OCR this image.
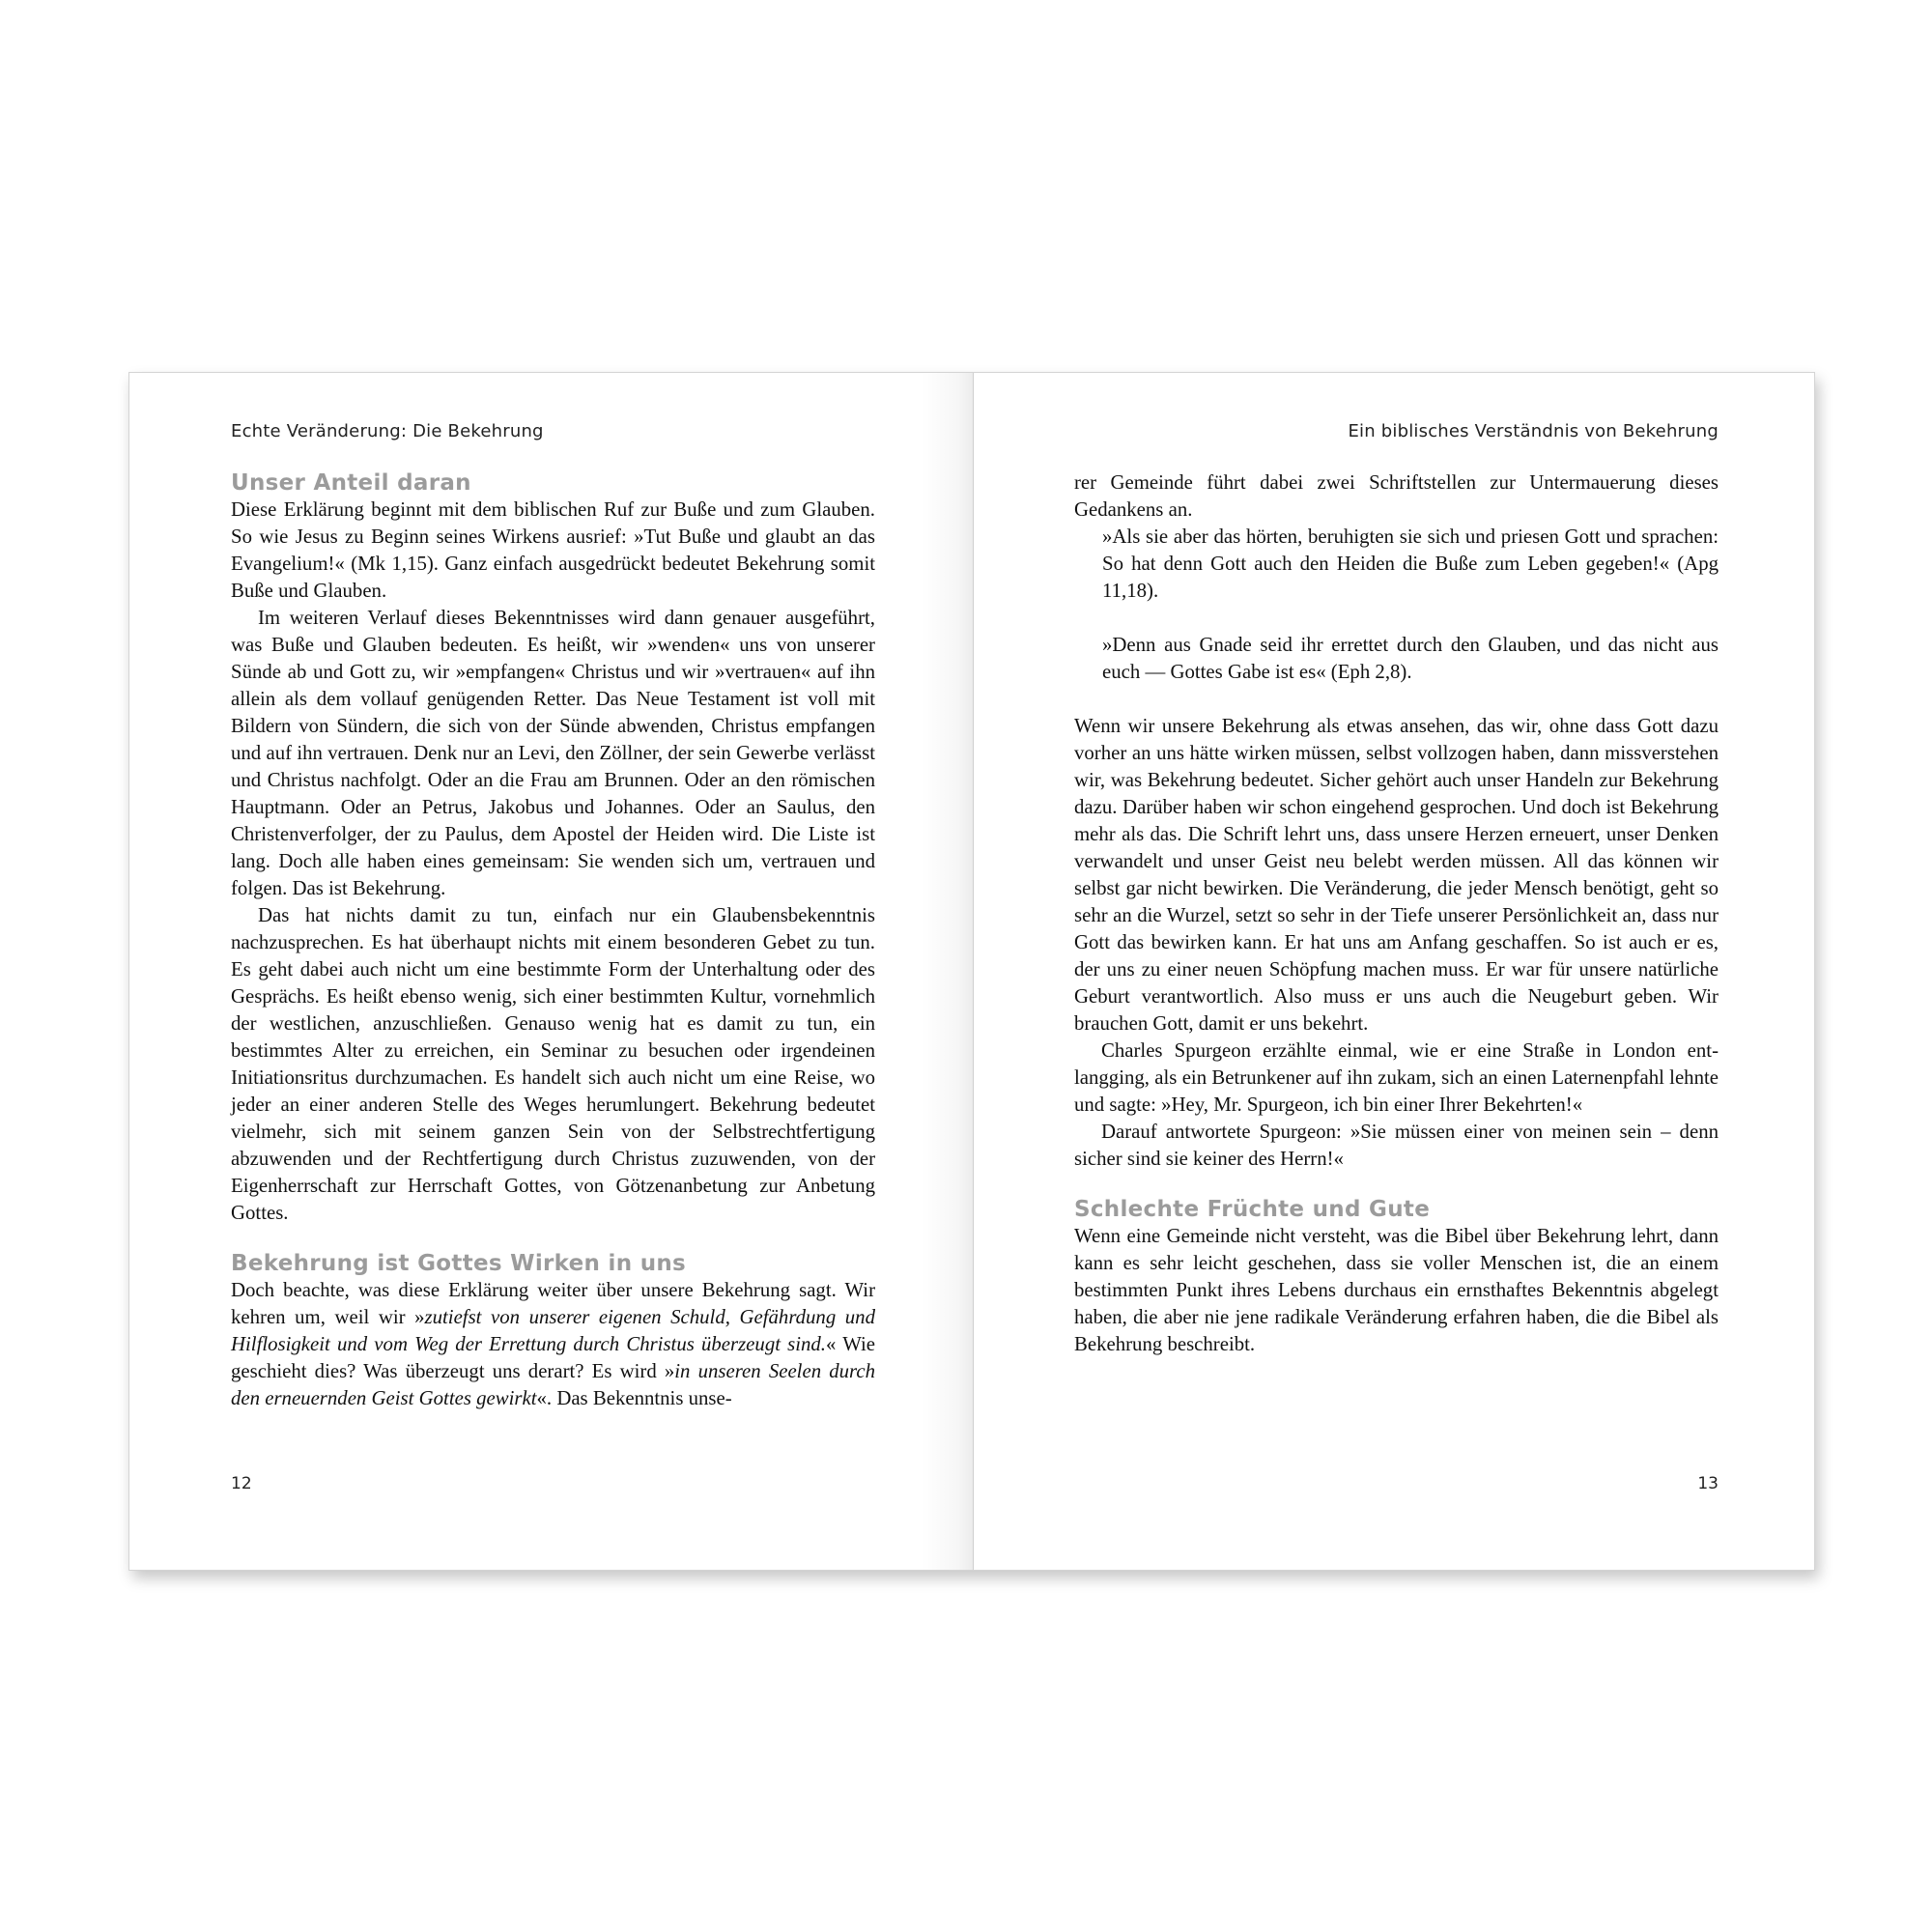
Echte Veränderung: Die Bekehrung
Unser Anteil daran

Diese Erklärung beginnt mit dem biblischen Ruf zur Buße und zum Glauben. So wie Jesus zu Beginn seines Wirkens ausrief: »Tut Buße und glaubt an das Evangelium!« (Mk 1,15). Ganz einfach ausgedrückt bedeutet Bekehrung somit Buße und Glauben.

Im weiteren Verlauf dieses Bekenntnisses wird dann genauer ausgeführt, was Buße und Glauben bedeuten. Es heißt, wir »wenden« uns von unserer Sünde ab und Gott zu, wir »empfangen« Christus und wir »vertrauen« auf ihn allein als dem vollauf genügenden Retter. Das Neue Testament ist voll mit Bildern von Sündern, die sich von der Sünde abwenden, Christus empfangen und auf ihn vertrauen. Denk nur an Levi, den Zöllner, der sein Gewerbe verlässt und Christus nachfolgt. Oder an die Frau am Brunnen. Oder an den römischen Hauptmann. Oder an Petrus, Jakobus und Johannes. Oder an Saulus, den Christenverfolger, der zu Paulus, dem Apostel der Heiden wird. Die Liste ist lang. Doch alle haben eines gemeinsam: Sie wenden sich um, vertrauen und folgen. Das ist Bekehrung.

Das hat nichts damit zu tun, einfach nur ein Glaubensbekenntnis nachzusprechen. Es hat überhaupt nichts mit einem besonderen Gebet zu tun. Es geht dabei auch nicht um eine bestimmte Form der Unterhaltung oder des Gesprächs. Es heißt ebenso wenig, sich einer bestimmten Kultur, vornehmlich der westlichen, anzuschließen. Genauso wenig hat es damit zu tun, ein bestimmtes Alter zu erreichen, ein Seminar zu besuchen oder irgendeinen Initiationsritus durchzumachen. Es handelt sich auch nicht um eine Reise, wo jeder an einer anderen Stelle des Weges herumlungert. Bekehrung bedeutet vielmehr, sich mit seinem ganzen Sein von der Selbstrechtfertigung abzuwenden und der Rechtfertigung durch Christus zuzuwenden, von der Eigenherrschaft zur Herrschaft Gottes, von Götzenanbetung zur Anbetung Gottes.

Bekehrung ist Gottes Wirken in uns

Doch beachte, was diese Erklärung weiter über unsere Bekehrung sagt. Wir kehren um, weil wir »zutiefst von unserer eigenen Schuld, Gefährdung und Hilflosigkeit und vom Weg der Errettung durch Christus überzeugt sind.« Wie geschieht dies? Was überzeugt uns derart? Es wird »in unseren Seelen durch den erneuernden Geist Gottes gewirkt«. Das Bekenntnis unse-

12
Ein biblisches Verständnis von Bekehrung

rer Gemeinde führt dabei zwei Schriftstellen zur Untermauerung dieses Gedankens an.

»Als sie aber das hörten, beruhigten sie sich und priesen Gott und sprachen: So hat denn Gott auch den Heiden die Buße zum Leben gegeben!« (Apg 11,18).

»Denn aus Gnade seid ihr errettet durch den Glauben, und das nicht aus euch — Gottes Gabe ist es« (Eph 2,8).

Wenn wir unsere Bekehrung als etwas ansehen, das wir, ohne dass Gott dazu vorher an uns hätte wirken müssen, selbst vollzogen haben, dann missverstehen wir, was Bekehrung bedeutet. Sicher gehört auch unser Handeln zur Bekehrung dazu. Darüber haben wir schon eingehend gesprochen. Und doch ist Bekehrung mehr als das. Die Schrift lehrt uns, dass unsere Herzen erneuert, unser Denken verwandelt und unser Geist neu belebt werden müssen. All das können wir selbst gar nicht bewirken. Die Veränderung, die jeder Mensch benötigt, geht so sehr an die Wurzel, setzt so sehr in der Tiefe unserer Persönlichkeit an, dass nur Gott das bewirken kann. Er hat uns am Anfang geschaffen. So ist auch er es, der uns zu einer neuen Schöpfung machen muss. Er war für unsere natürliche Geburt verantwortlich. Also muss er uns auch die Neugeburt geben. Wir brauchen Gott, damit er uns bekehrt.

Charles Spurgeon erzählte einmal, wie er eine Straße in London entlangging, als ein Betrunkener auf ihn zukam, sich an einen Laternenpfahl lehnte und sagte: »Hey, Mr. Spurgeon, ich bin einer Ihrer Bekehrten!«

Darauf antwortete Spurgeon: »Sie müssen einer von meinen sein – denn sicher sind sie keiner des Herrn!«

Schlechte Früchte und Gute

Wenn eine Gemeinde nicht versteht, was die Bibel über Bekehrung lehrt, dann kann es sehr leicht geschehen, dass sie voller Menschen ist, die an einem bestimmten Punkt ihres Lebens durchaus ein ernsthaftes Bekenntnis abgelegt haben, die aber nie jene radikale Veränderung erfahren haben, die die Bibel als Bekehrung beschreibt.

13
